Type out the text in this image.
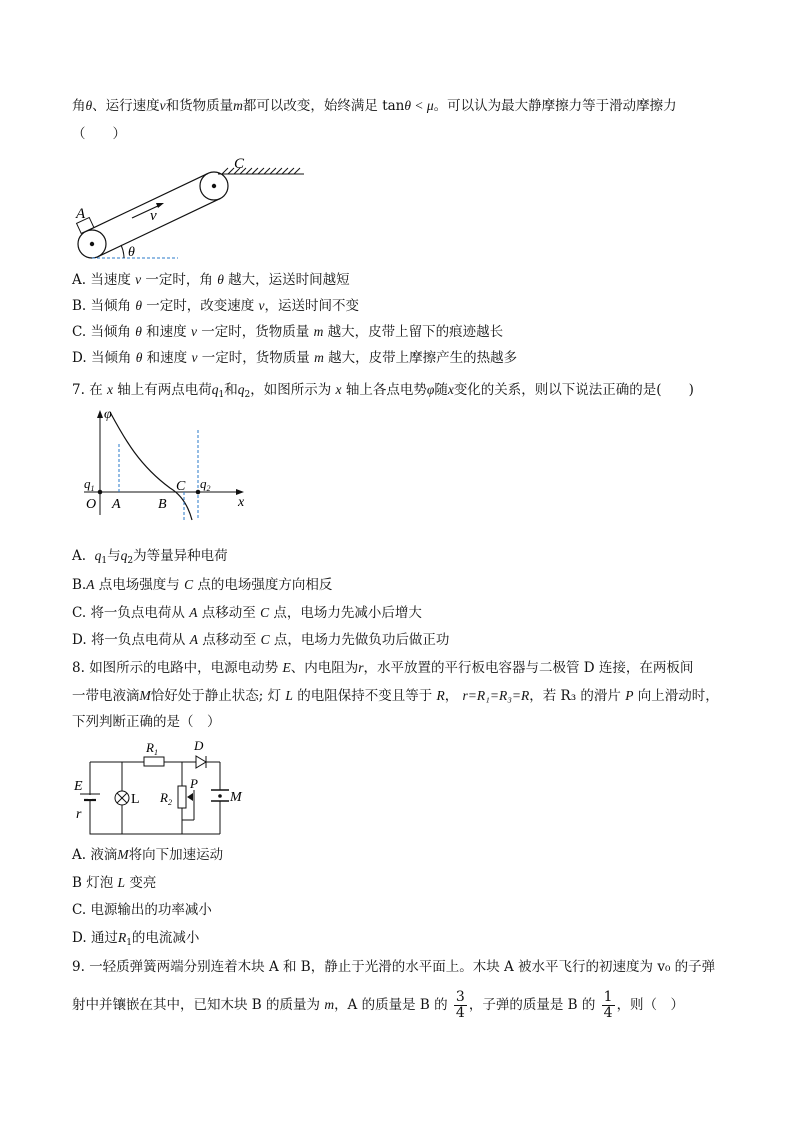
角θ、运行速度v和货物质量m都可以改变，始终满足 tanθ < μ。可以认为最大静摩擦力等于滑动摩擦力
（　　）
A
C
v
θ
A. 当速度 v 一定时，角 θ 越大，运送时间越短
B. 当倾角 θ 一定时，改变速度 v，运送时间不变
C. 当倾角 θ 和速度 v 一定时，货物质量 m 越大，皮带上留下的痕迹越长
D. 当倾角 θ 和速度 v 一定时，货物质量 m 越大，皮带上摩擦产生的热越多
7. 在 x 轴上有两点电荷$q_1$和$q_2$，如图所示为 x 轴上各点电势φ随x变化的关系，则以下说法正确的是(　　)
φ
$q_1$	$q_2$
O A	B
C
x
A. $q_1$与$q_2$为等量异种电荷
B.A 点电场强度与 C 点的电场强度方向相反
C. 将一负点电荷从 A 点移动至 C 点，电场力先减小后增大
D. 将一负点电荷从 A 点移动至 C 点，电场力先做负功后做正功
8. 如图所示的电路中，电源电动势 E、内电阻为r，水平放置的平行板电容器与二极管 D 连接，在两板间
一带电液滴M恰好处于静止状态; 灯 L 的电阻保持不变且等于 R， r=R₁=R₃=R，若 R₃ 的滑片 P 向上滑动时，
下列判断正确的是（　）
$R_1$	D
E
r
L $R_2$
P
M
A. 液滴M将向下加速运动
B 灯泡 L 变亮
C. 电源输出的功率减小
D. 通过$R_1$的电流减小
9. 一轻质弹簧两端分别连着木块 A 和 B，静止于光滑的水平面上。木块 A 被水平飞行的初速度为 v₀ 的子弹
射中并镶嵌在其中，已知木块 B 的质量为 m，A 的质量是 B 的 $\frac{3}{4}$ ，子弹的质量是 B 的 $\frac{1}{4}$ ，则（　）
